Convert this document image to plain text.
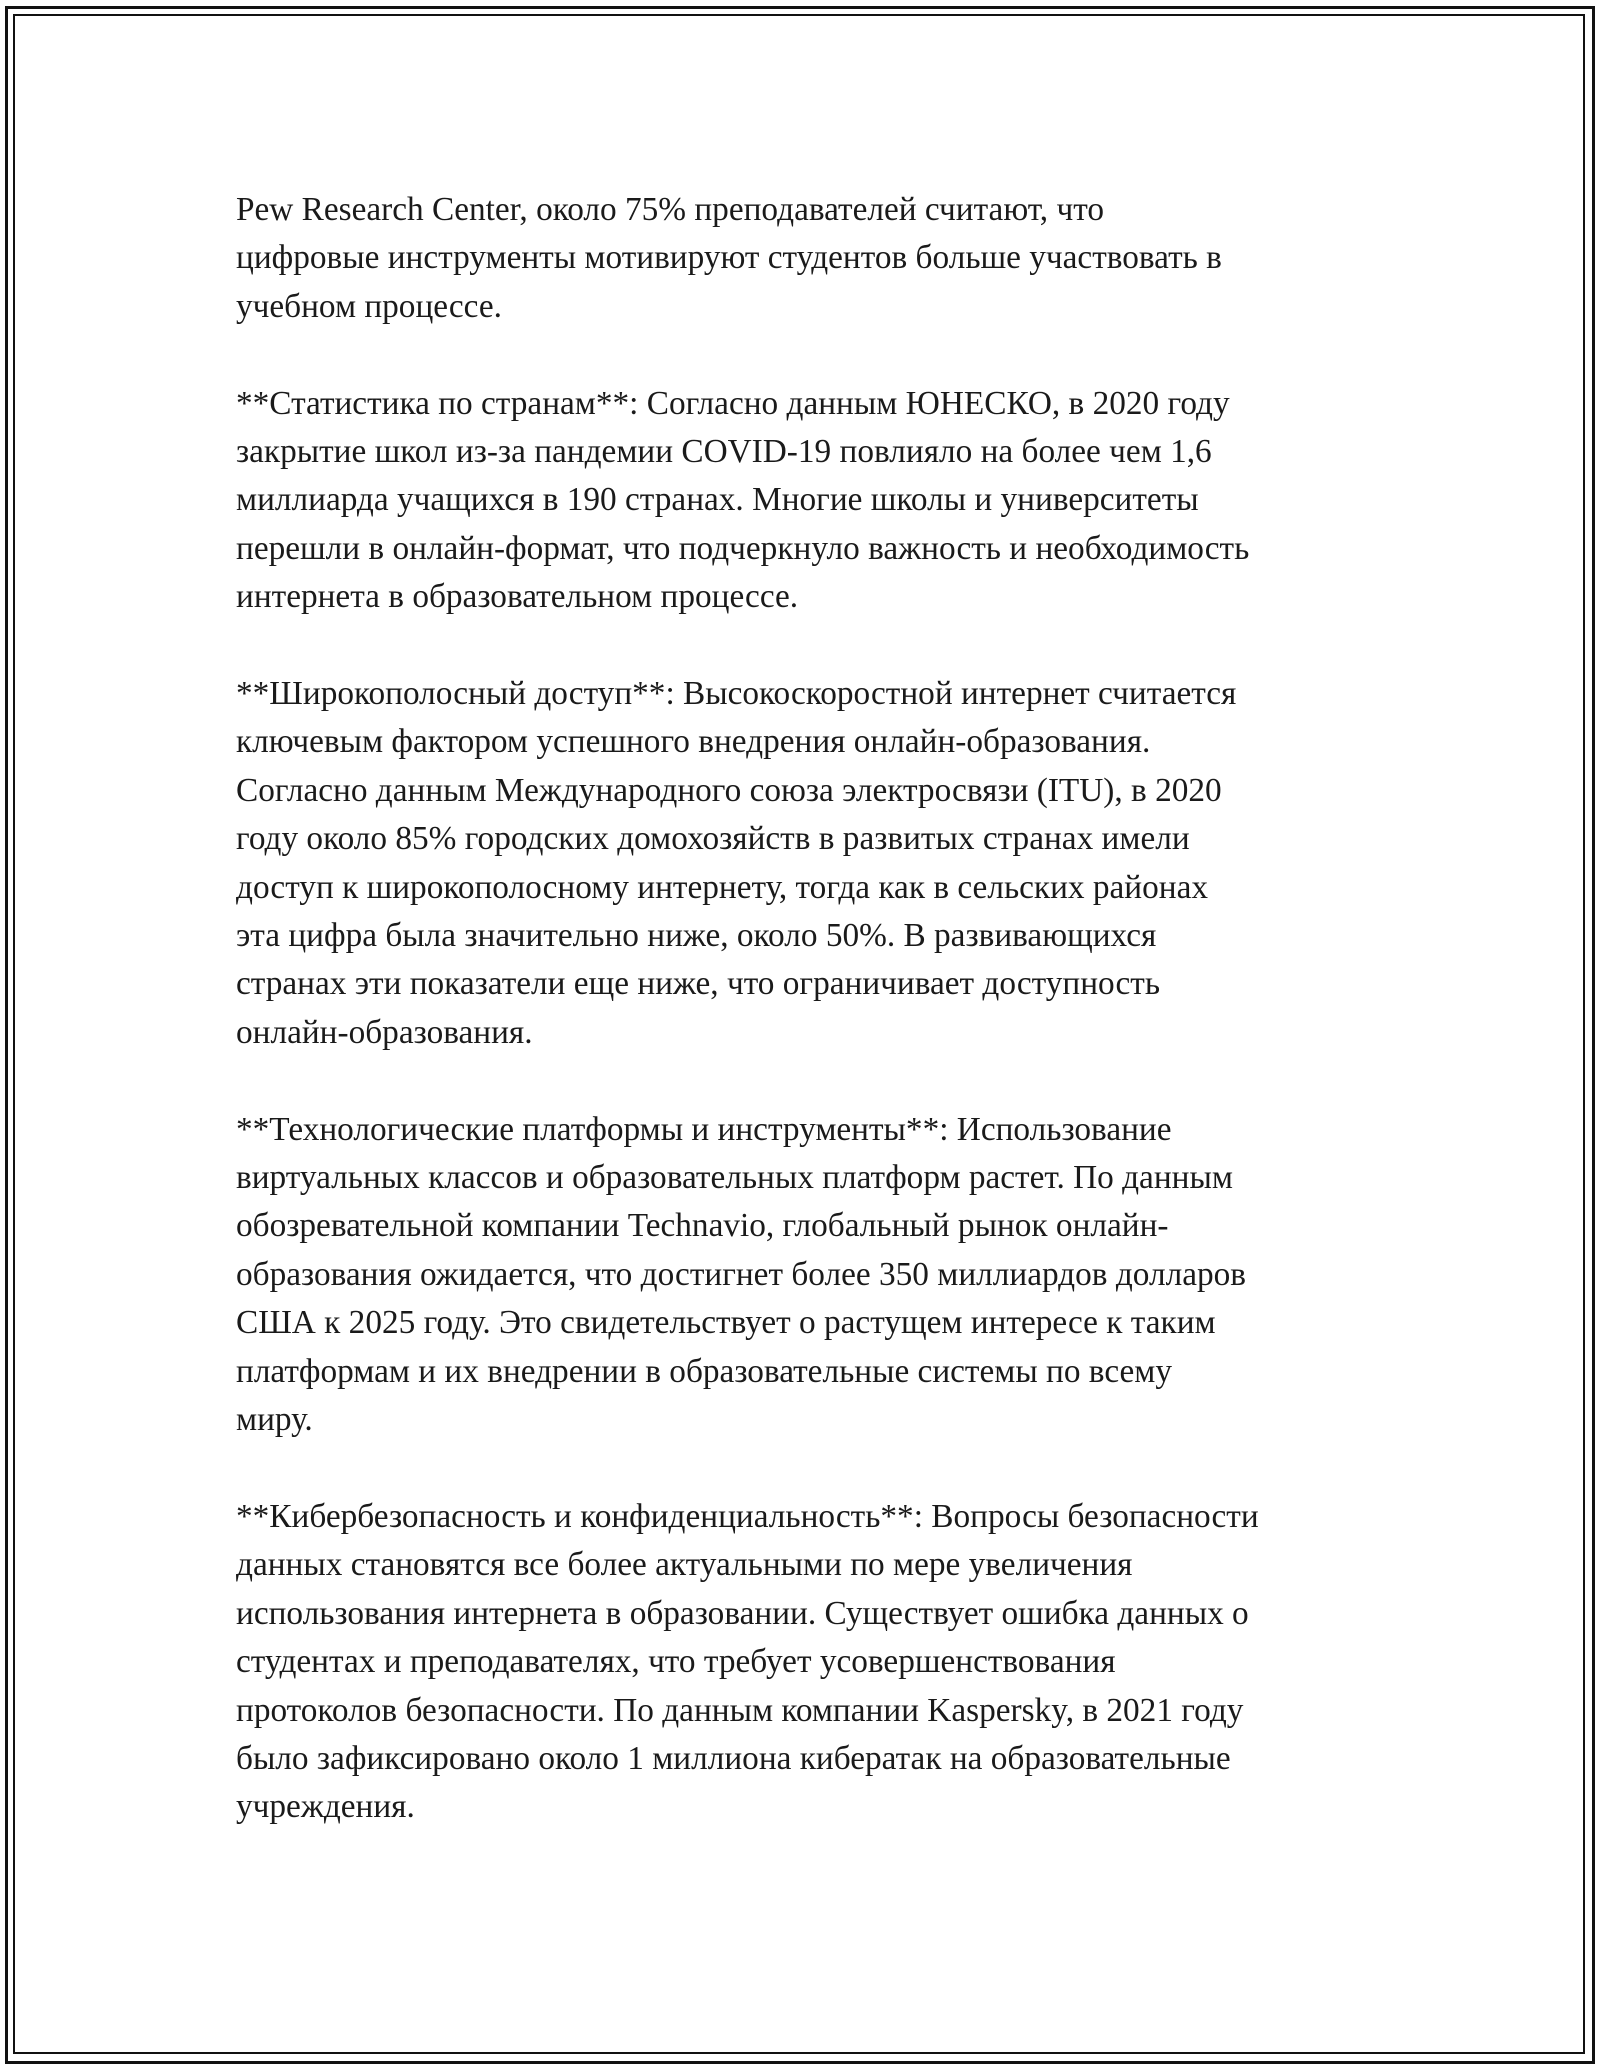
Pew Research Center, около 75% преподавателей считают, что
цифровые инструменты мотивируют студентов больше участвовать в
учебном процессе.

**Статистика по странам**: Согласно данным ЮНЕСКО, в 2020 году
закрытие школ из-за пандемии COVID-19 повлияло на более чем 1,6
миллиарда учащихся в 190 странах. Многие школы и университеты
перешли в онлайн-формат, что подчеркнуло важность и необходимость
интернета в образовательном процессе.

**Широкополосный доступ**: Высокоскоростной интернет считается
ключевым фактором успешного внедрения онлайн-образования.
Согласно данным Международного союза электросвязи (ITU), в 2020
году около 85% городских домохозяйств в развитых странах имели
доступ к широкополосному интернету, тогда как в сельских районах
эта цифра была значительно ниже, около 50%. В развивающихся
странах эти показатели еще ниже, что ограничивает доступность
онлайн-образования.

**Технологические платформы и инструменты**: Использование
виртуальных классов и образовательных платформ растет. По данным
обозревательной компании Technavio, глобальный рынок онлайн-
образования ожидается, что достигнет более 350 миллиардов долларов
США к 2025 году. Это свидетельствует о растущем интересе к таким
платформам и их внедрении в образовательные системы по всему
миру.

**Кибербезопасность и конфиденциальность**: Вопросы безопасности
данных становятся все более актуальными по мере увеличения
использования интернета в образовании. Существует ошибка данных о
студентах и преподавателях, что требует усовершенствования
протоколов безопасности. По данным компании Kaspersky, в 2021 году
было зафиксировано около 1 миллиона кибератак на образовательные
учреждения.
